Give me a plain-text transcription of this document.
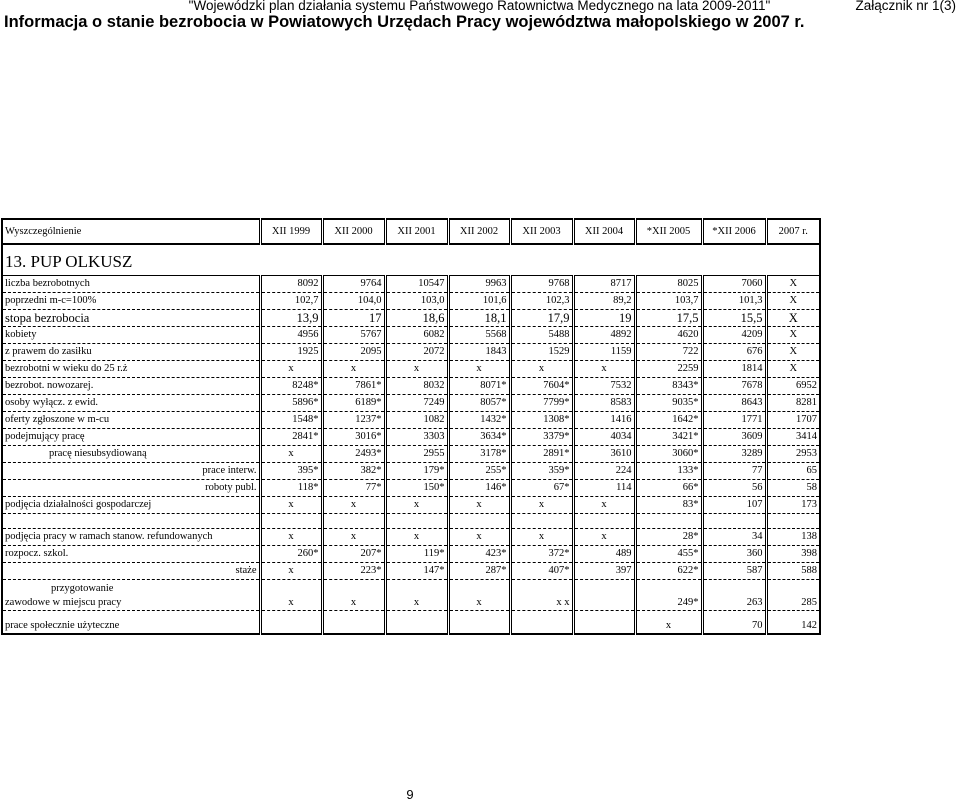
"Wojewódzki plan działania systemu Państwowego Ratownictwa Medycznego na lata 2009-2011"	Załącznik nr 1(3)
Informacja o stanie bezrobocia w Powiatowych Urzędach Pracy województwa małopolskiego w 2007 r.
Wyszczególnienie	XII 1999	XII 2000	XII 2001	XII 2002	XII 2003	XII 2004	*XII 2005	*XII 2006	2007 r.
13. PUP OLKUSZ									
liczba bezrobotnych	8092	9764	10547	9963	9768	8717	8025	7060	X
poprzedni m-c=100%	102,7	104,0	103,0	101,6	102,3	89,2	103,7	101,3	X
stopa bezrobocia	13,9	17	18,6	18,1	17,9	19	17,5	15,5	X
kobiety	4956	5767	6082	5568	5488	4892	4620	4209	X
z prawem do zasiłku	1925	2095	2072	1843	1529	1159	722	676	X
bezrobotni w wieku do 25 r.ż	x	x	x	x	x	x	2259	1814	X
bezrobot. nowozarej.	8248*	7861*	8032	8071*	7604*	7532	8343*	7678	6952
osoby wyłącz. z ewid.	5896*	6189*	7249	8057*	7799*	8583	9035*	8643	8281
oferty zgłoszone w m-cu	1548*	1237*	1082	1432*	1308*	1416	1642*	1771	1707
podejmujący pracę	2841*	3016*	3303	3634*	3379*	4034	3421*	3609	3414
pracę niesubsydiowaną	x	2493*	2955	3178*	2891*	3610	3060*	3289	2953
prace interw.	395*	382*	179*	255*	359*	224	133*	77	65
roboty publ.	118*	77*	150*	146*	67*	114	66*	56	58
podjęcia działalności gospodarczej	x	x	x	x	x	x	83*	107	173

podjęcia pracy w ramach stanow. refundowanych	x	x	x	x	x	x	28*	34	138
rozpocz. szkol.	260*	207*	119*	423*	372*	489	455*	360	398
staże	x	223*	147*	287*	407*	397	622*	587	588

przygotowanie
zawodowe w miejscu pracy	x	x	x	x	x x		249*	263	285
prace społecznie użyteczne							x	70	142
9
